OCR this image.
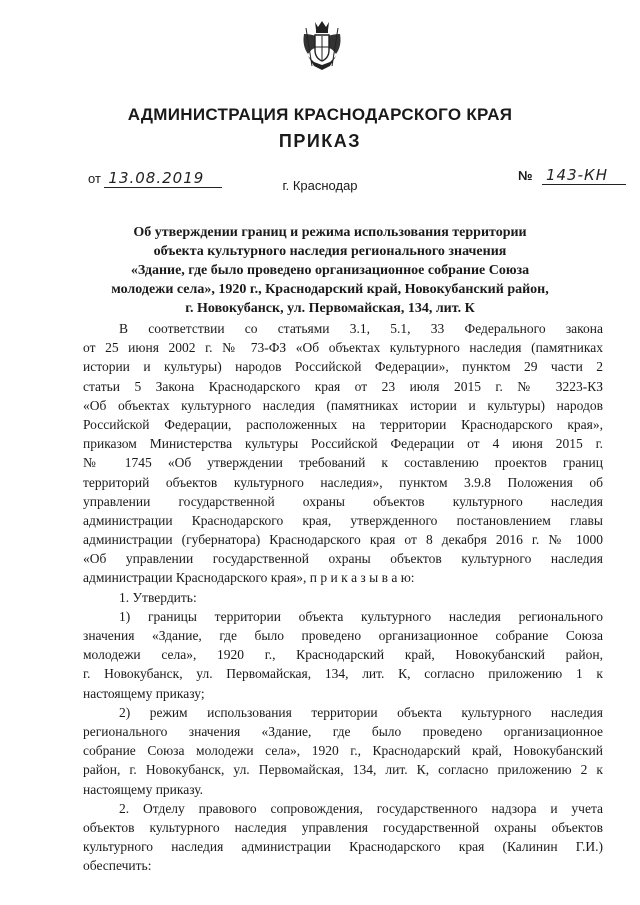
АДМИНИСТРАЦИЯ КРАСНОДАРСКОГО КРАЯ
ПРИКАЗ
от 13.08.2019	№ 143-КН
г. Краснодар
Об утверждении границ и режима использования территории
объекта культурного наследия регионального значения
«Здание, где было проведено организационное собрание Союза
молодежи села», 1920 г., Краснодарский край, Новокубанский район,
г. Новокубанск, ул. Первомайская, 134, лит. К
В соответствии со статьями 3.1, 5.1, 33 Федерального закона
от 25 июня 2002 г. № 73-ФЗ «Об объектах культурного наследия (памятниках
истории и культуры) народов Российской Федерации», пунктом 29 части 2
статьи 5 Закона Краснодарского края от 23 июля 2015 г. № 3223-КЗ
«Об объектах культурного наследия (памятниках истории и культуры) народов
Российской Федерации, расположенных на территории Краснодарского края»,
приказом Министерства культуры Российской Федерации от 4 июня 2015 г.
№ 1745 «Об утверждении требований к составлению проектов границ
территорий объектов культурного наследия», пунктом 3.9.8 Положения об
управлении государственной охраны объектов культурного наследия
администрации Краснодарского края, утвержденного постановлением главы
администрации (губернатора) Краснодарского края от 8 декабря 2016 г. № 1000
«Об управлении государственной охраны объектов культурного наследия
администрации Краснодарского края», п р и к а з ы в а ю:
1. Утвердить:
1) границы территории объекта культурного наследия регионального
значения «Здание, где было проведено организационное собрание Союза
молодежи села», 1920 г., Краснодарский край, Новокубанский район,
г. Новокубанск, ул. Первомайская, 134, лит. К, согласно приложению 1 к
настоящему приказу;
2) режим использования территории объекта культурного наследия
регионального значения «Здание, где было проведено организационное
собрание Союза молодежи села», 1920 г., Краснодарский край, Новокубанский
район, г. Новокубанск, ул. Первомайская, 134, лит. К, согласно приложению 2 к
настоящему приказу.
2. Отделу правового сопровождения, государственного надзора и учета
объектов культурного наследия управления государственной охраны объектов
культурного наследия администрации Краснодарского края (Калинин Г.И.)
обеспечить:
